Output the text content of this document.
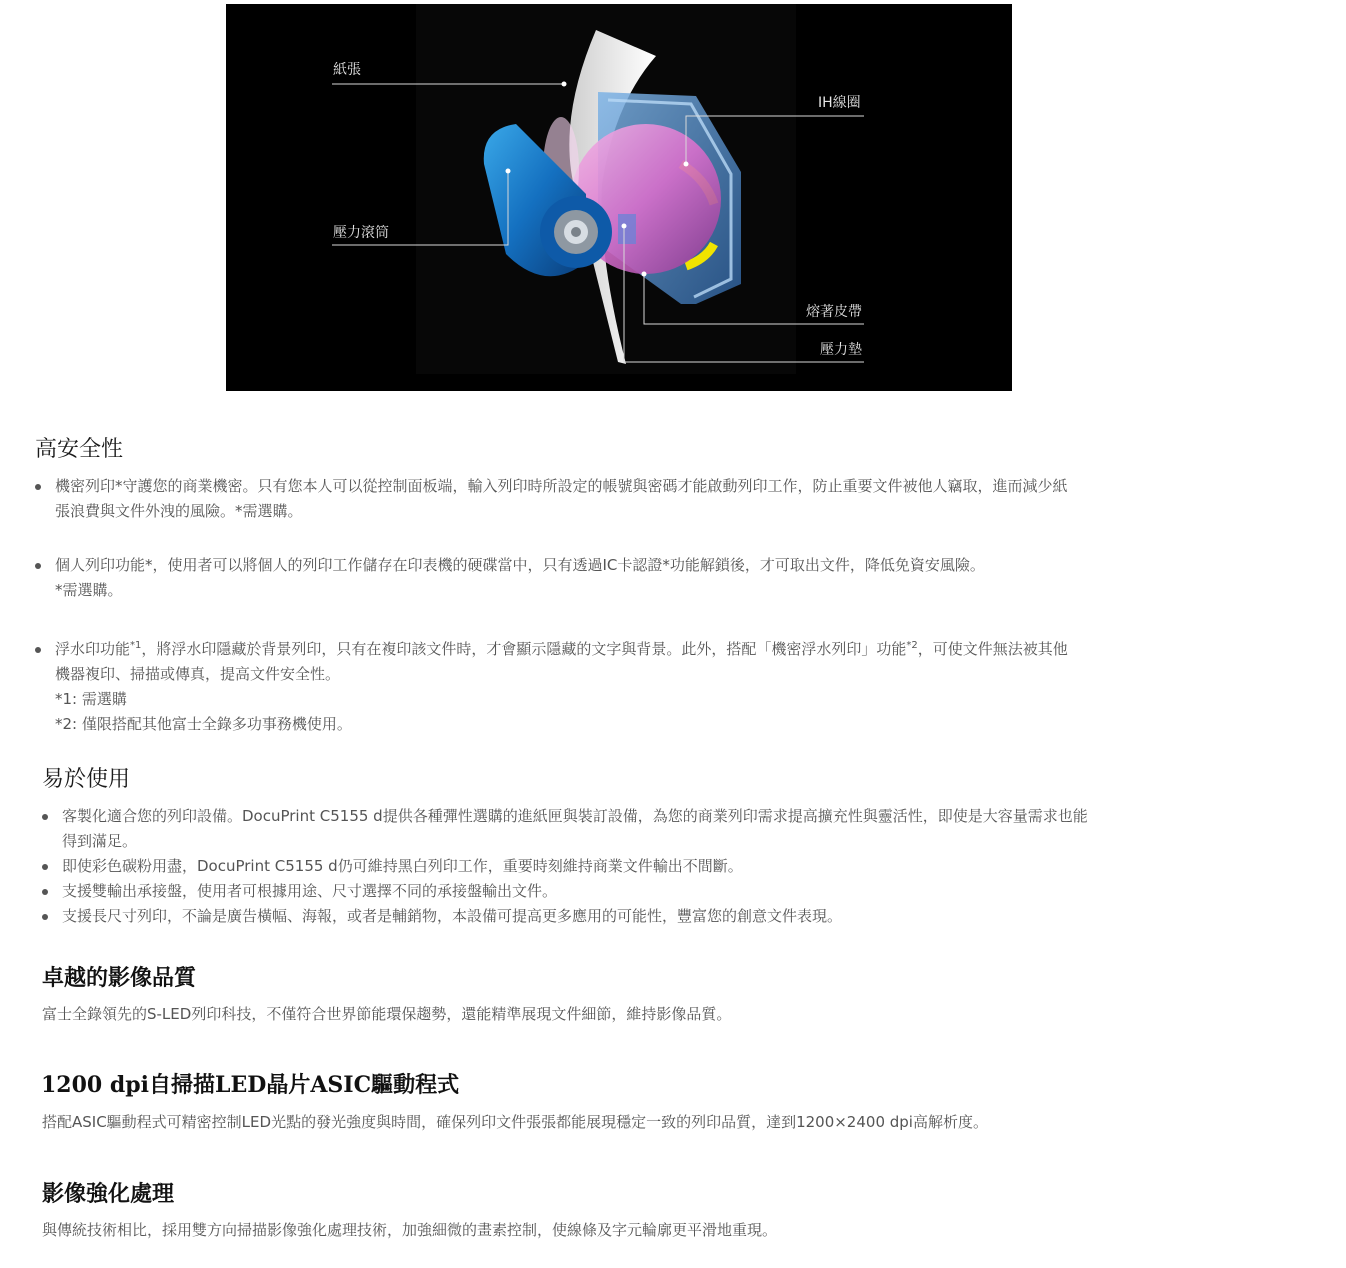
紙張
壓力滾筒
IH線圈
熔著皮帶
壓力墊
高安全性
機密列印*守護您的商業機密。只有您本人可以從控制面板端，輸入列印時所設定的帳號與密碼才能啟動列印工作，防止重要文件被他人竊取，進而減少紙
張浪費與文件外洩的風險。*需選購。
個人列印功能*，使用者可以將個人的列印工作儲存在印表機的硬碟當中，只有透過IC卡認證*功能解鎖後，才可取出文件，降低免資安風險。
*需選購。
浮水印功能$^{*1}$，將浮水印隱藏於背景列印，只有在複印該文件時，才會顯示隱藏的文字與背景。此外，搭配「機密浮水列印」功能$^{*2}$，可使文件無法被其他
機器複印、掃描或傳真，提高文件安全性。
*1: 需選購
*2: 僅限搭配其他富士全錄多功事務機使用。
易於使用
客製化適合您的列印設備。DocuPrint C5155 d提供各種彈性選購的進紙匣與裝訂設備，為您的商業列印需求提高擴充性與靈活性，即使是大容量需求也能
得到滿足。
即使彩色碳粉用盡，DocuPrint C5155 d仍可維持黑白列印工作，重要時刻維持商業文件輸出不間斷。
支援雙輸出承接盤，使用者可根據用途、尺寸選擇不同的承接盤輸出文件。
支援長尺寸列印，不論是廣告橫幅、海報，或者是輔銷物，本設備可提高更多應用的可能性，豐富您的創意文件表現。
卓越的影像品質

富士全錄領先的S-LED列印科技，不僅符合世界節能環保趨勢，還能精準展現文件細節，維持影像品質。

1200 dpi自掃描LED晶片ASIC驅動程式

搭配ASIC驅動程式可精密控制LED光點的發光強度與時間，確保列印文件張張都能展現穩定一致的列印品質，達到1200×2400 dpi高解析度。

影像強化處理

與傳統技術相比，採用雙方向掃描影像強化處理技術，加強細微的畫素控制，使線條及字元輪廓更平滑地重現。
